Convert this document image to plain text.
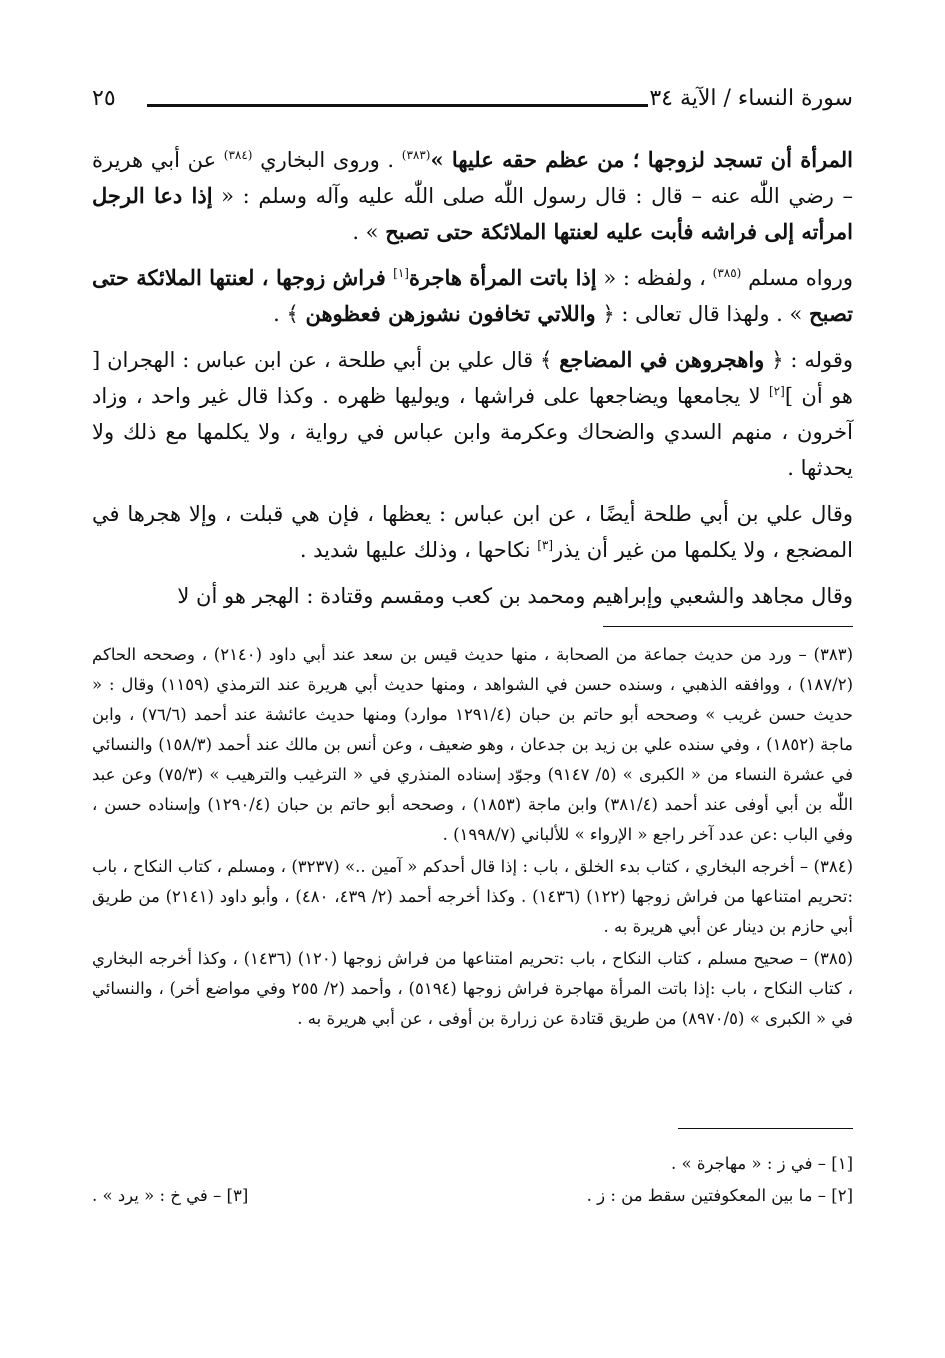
سورة النساء / الآية ٣٤
٢٥

المرأة أن تسجد لزوجها ؛ من عظم حقه عليها »$^{(٣٨٣)}$ . وروى البخاري $^{(٣٨٤)}$ عن أبي هريرة – رضي اللّٰه عنه – قال : قال رسول اللّٰه صلى اللّٰه عليه وآله وسلم : « إذا دعا الرجل امرأته إلى فراشه فأبت عليه لعنتها الملائكة حتى تصبح » .

ورواه مسلم $^{(٣٨٥)}$ ، ولفظه : « إذا باتت المرأة هاجرة[١] فراش زوجها ، لعنتها الملائكة حتى تصبح » . ولهذا قال تعالى : ﴿ واللاتي تخافون نشوزهن فعظوهن ﴾ .

وقوله : ﴿ واهجروهن في المضاجع ﴾ قال علي بن أبي طلحة ، عن ابن عباس : الهجران [ هو أن ][٢] لا يجامعها ويضاجعها على فراشها ، ويوليها ظهره . وكذا قال غير واحد ، وزاد آخرون ، منهم السدي والضحاك وعكرمة وابن عباس في رواية ، ولا يكلمها مع ذلك ولا يحدثها .

وقال علي بن أبي طلحة أيضًا ، عن ابن عباس : يعظها ، فإن هي قبلت ، وإلا هجرها في المضجع ، ولا يكلمها من غير أن يذر[٣] نكاحها ، وذلك عليها شديد .

وقال مجاهد والشعبي وإبراهيم ومحمد بن كعب ومقسم وقتادة : الهجر هو أن لا

(٣٨٣) – ورد من حديث جماعة من الصحابة ، منها حديث قيس بن سعد عند أبي داود (٢١٤٠) ، وصححه الحاكم (١٨٧/٢) ، ووافقه الذهبي ، وسنده حسن في الشواهد ، ومنها حديث أبي هريرة عند الترمذي (١١٥٩) وقال : « حديث حسن غريب » وصححه أبو حاتم بن حبان (١٢٩١/٤ موارد) ومنها حديث عائشة عند أحمد (٧٦/٦) ، وابن ماجة (١٨٥٢) ، وفي سنده علي بن زيد بن جدعان ، وهو ضعيف ، وعن أنس بن مالك عند أحمد (١٥٨/٣) والنسائي في عشرة النساء من « الكبرى » (٥/ ٩١٤٧) وجوّد إسناده المنذري في « الترغيب والترهيب » (٧٥/٣) وعن عبد اللّٰه بن أبي أوفى عند أحمد (٣٨١/٤) وابن ماجة (١٨٥٣) ، وصححه أبو حاتم بن حبان (١٢٩٠/٤) وإسناده حسن ، وفي الباب :عن عدد آخر راجع « الإرواء » للألباني (١٩٩٨/٧) .

(٣٨٤) – أخرجه البخاري ، كتاب بدء الخلق ، باب : إذا قال أحدكم « آمين ..» (٣٢٣٧) ، ومسلم ، كتاب النكاح ، باب :تحريم امتناعها من فراش زوجها (١٢٢) (١٤٣٦) . وكذا أخرجه أحمد (٢/ ٤٣٩، ٤٨٠) ، وأبو داود (٢١٤١) من طريق أبي حازم بن دينار عن أبي هريرة به .

(٣٨٥) – صحيح مسلم ، كتاب النكاح ، باب :تحريم امتناعها من فراش زوجها (١٢٠) (١٤٣٦) ، وكذا أخرجه البخاري ، كتاب النكاح ، باب :إذا باتت المرأة مهاجرة فراش زوجها (٥١٩٤) ، وأحمد (٢/ ٢٥٥ وفي مواضع أخر) ، والنسائي في « الكبرى » (٨٩٧٠/٥) من طريق قتادة عن زرارة بن أوفى ، عن أبي هريرة به .

[١] – في ز : « مهاجرة » .
[٢] – ما بين المعكوفتين سقط من : ز .
[٣] – في خ : « يرد » .
